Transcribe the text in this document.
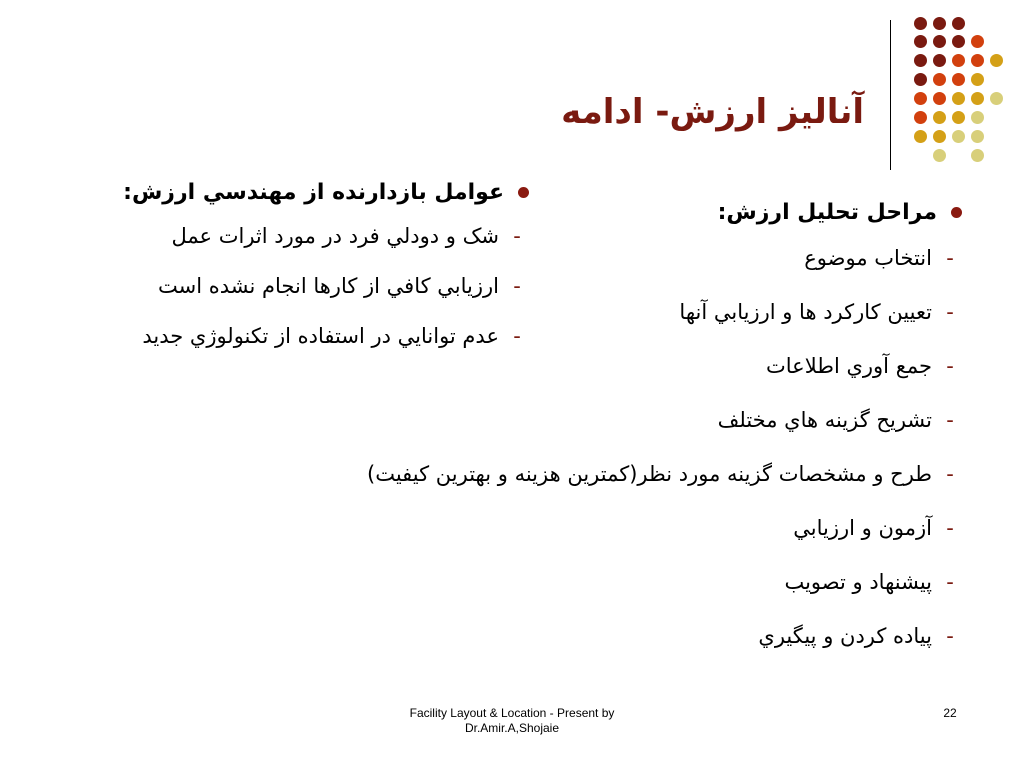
آناليز ارزش- ادامه
مراحل تحليل ارزش:
-
انتخاب موضوع
-
تعيين کارکرد ها و ارزيابي آنها
-
جمع آوري اطلاعات
-
تشريح گزينه هاي مختلف
-
طرح و مشخصات گزينه مورد نظر(کمترين هزينه و بهترين کيفيت)
-
آزمون و ارزيابي
-
پيشنهاد و تصويب
-
پياده کردن و پيگيري
عوامل بازدارنده از مهندسي ارزش:
-
شک و دودلي فرد در مورد اثرات عمل
-
ارزيابي کافي از کارها انجام نشده است
-
عدم توانايي در استفاده از تکنولوژي جديد
Facility Layout & Location - Present by
Dr.Amir.A,Shojaie
22
